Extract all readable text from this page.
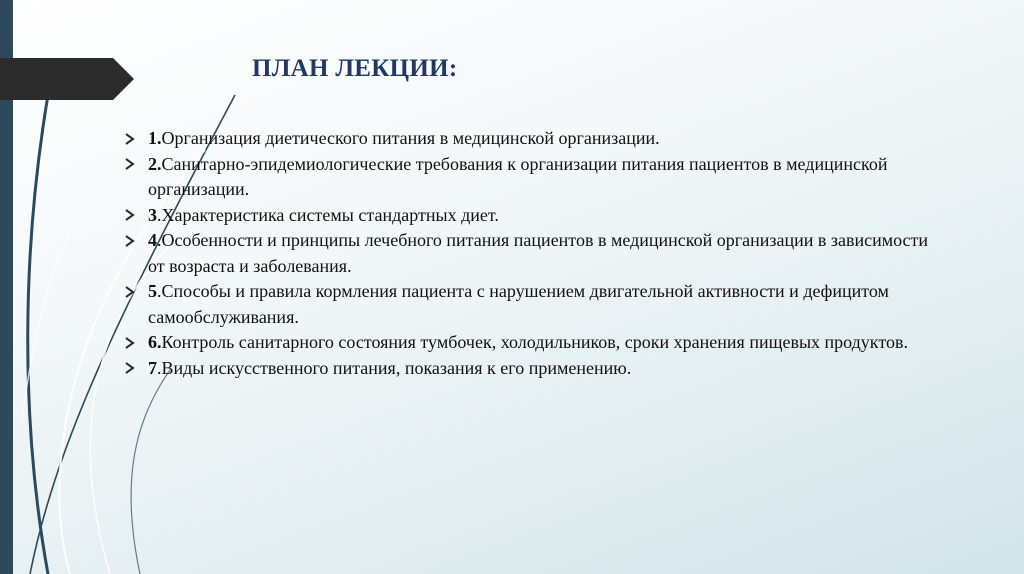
ПЛАН ЛЕКЦИИ:
1.Организация диетического питания в медицинской организации.
2.Санитарно-эпидемиологические требования к организации питания пациентов в медицинской организации.
3.Характеристика системы стандартных диет.
4.Особенности и принципы лечебного питания пациентов в медицинской организации в зависимости от возраста и заболевания.
5.Способы и правила кормления пациента с нарушением двигательной активности и дефицитом самообслуживания.
6.Контроль санитарного состояния тумбочек, холодильников, сроки хранения пищевых продуктов.
7.Виды искусственного питания, показания к его применению.
